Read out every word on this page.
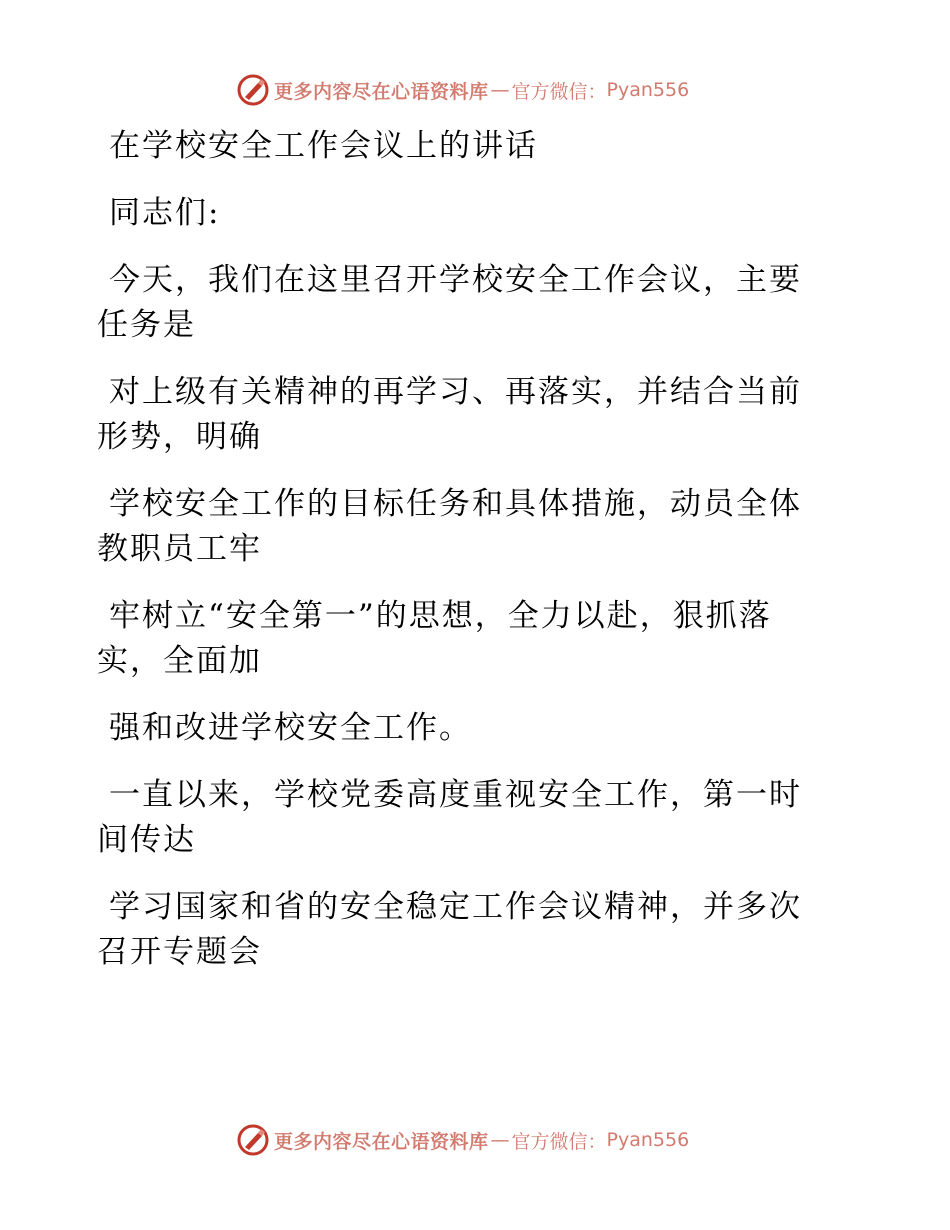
更多内容尽在心语资料库 — 官方微信： Pyan556
在学校安全工作会议上的讲话
同志们:
今天，我们在这里召开学校安全工作会议，主要
任务是
对上级有关精神的再学习、再落实，并结合当前
形势，明确
学校安全工作的目标任务和具体措施，动员全体
教职员工牢
牢树立“安全第一”的思想，全力以赴，狠抓落
实，全面加
强和改进学校安全工作。
一直以来，学校党委高度重视安全工作，第一时
间传达
学习国家和省的安全稳定工作会议精神，并多次
召开专题会
更多内容尽在心语资料库 — 官方微信： Pyan556
